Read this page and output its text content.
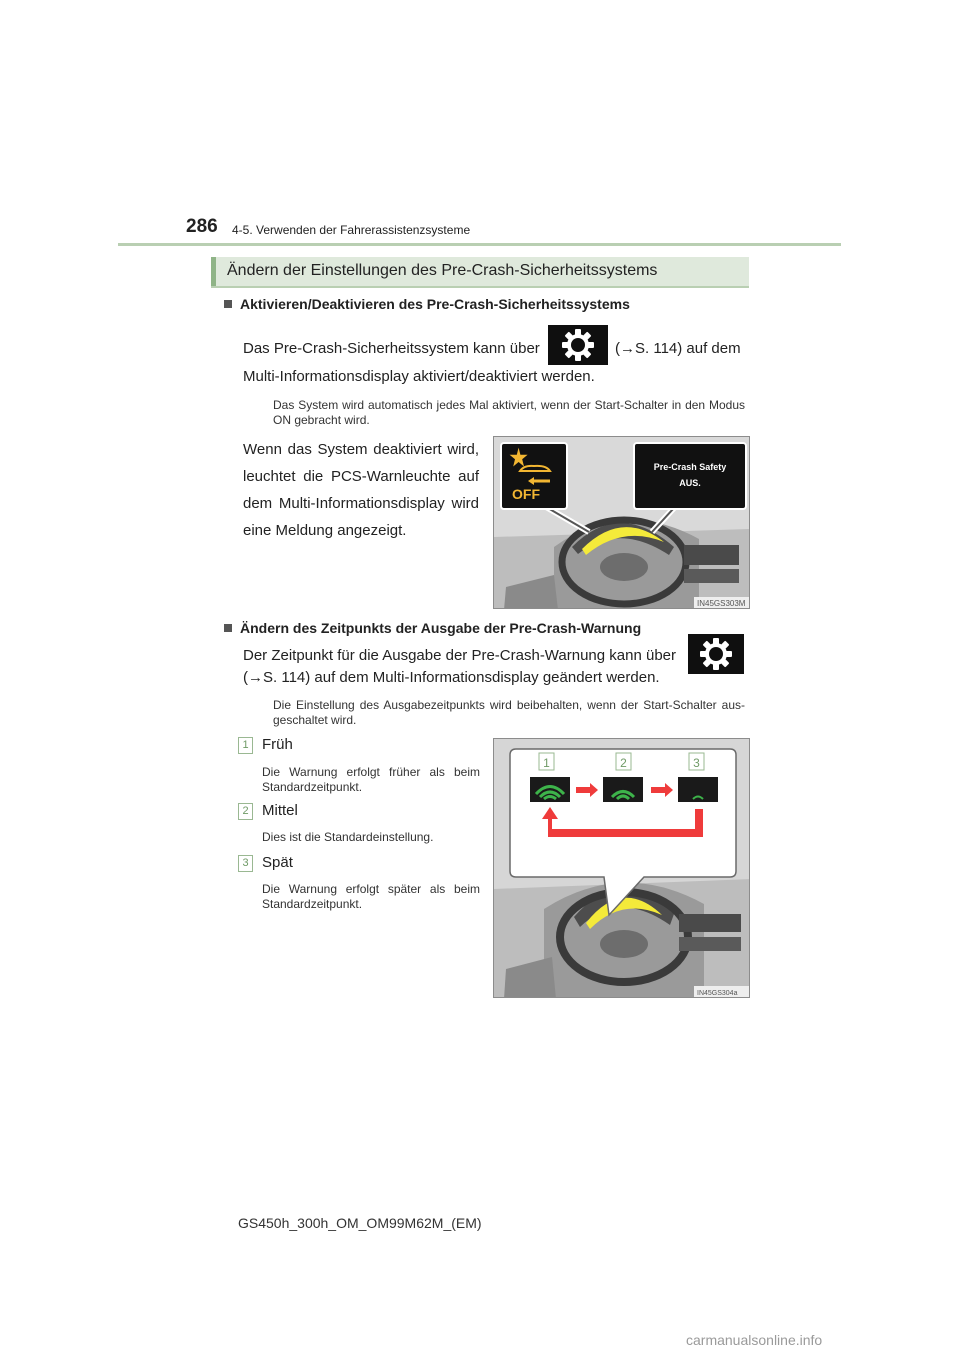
286 4-5. Verwenden der Fahrerassistenzsysteme
Ändern der Einstellungen des Pre-Crash-Sicherheitssystems
Aktivieren/Deaktivieren des Pre-Crash-Sicherheitssystems
Das Pre-Crash-Sicherheitssystem kann über	(→S. 114) auf dem
Multi-Informationsdisplay aktiviert/deaktiviert werden.
Das System wird automatisch jedes Mal aktiviert, wenn der Start-Schalter in den Modus ON gebracht wird.
Wenn das System deaktiviert wird, leuchtet die PCS-Warnleuchte auf dem Multi-Informationsdisplay wird eine Meldung angezeigt.
OFF
Pre-Crash Safety
AUS.
IN45GS303M
Ändern des Zeitpunkts der Ausgabe der Pre-Crash-Warnung
Der Zeitpunkt für die Ausgabe der Pre-Crash-Warnung kann über
(→S. 114) auf dem Multi-Informationsdisplay geändert werden.
Die Einstellung des Ausgabezeitpunkts wird beibehalten, wenn der Start-Schalter aus-geschaltet wird.
1 Früh
Die Warnung erfolgt früher als beim Standardzeitpunkt.
2 Mittel
Dies ist die Standardeinstellung.
3 Spät
Die Warnung erfolgt später als beim Standardzeitpunkt.
1	2	3
IN45GS304a
GS450h_300h_OM_OM99M62M_(EM)
carmanualsonline.info
